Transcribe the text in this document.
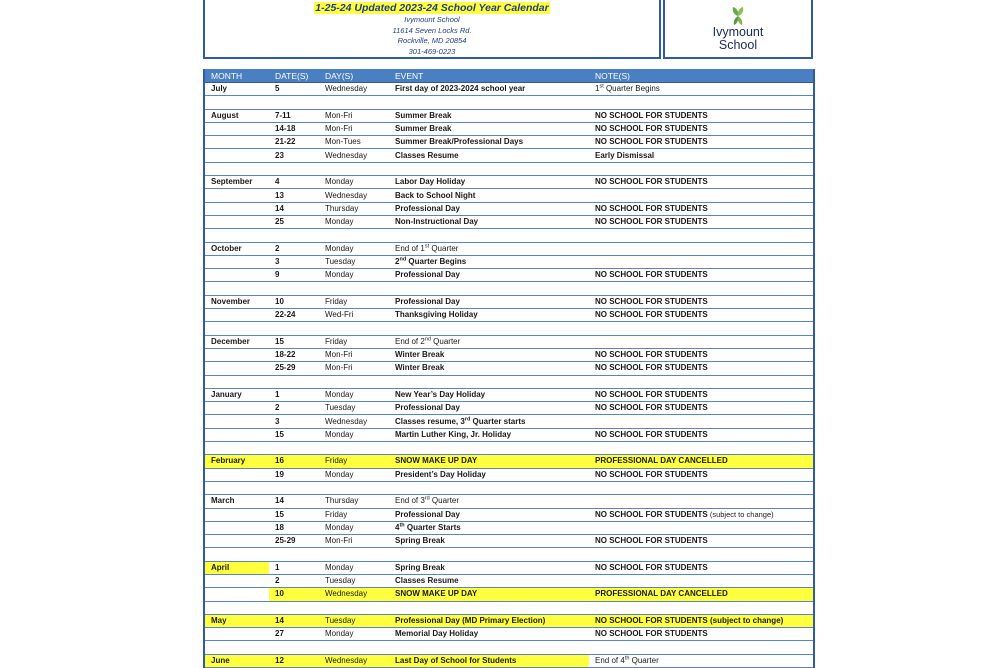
1-25-24 Updated 2023-24 School Year Calendar
Ivymount School
11614 Seven Locks Rd.
Rockville, MD 20854
301-469-0223
Ivymount
School
MONTH	DATE(S)	DAY(S)	EVENT	NOTE(S)
July	5	Wednesday	First day of 2023-2024 school year	1st Quarter Begins

August	7-11	Mon-Fri	Summer Break	NO SCHOOL FOR STUDENTS
	14-18	Mon-Fri	Summer Break	NO SCHOOL FOR STUDENTS
	21-22	Mon-Tues	Summer Break/Professional Days	NO SCHOOL FOR STUDENTS
	23	Wednesday	Classes Resume	Early Dismissal

September	4	Monday	Labor Day Holiday	NO SCHOOL FOR STUDENTS
	13	Wednesday	Back to School Night	
	14	Thursday	Professional Day	NO SCHOOL FOR STUDENTS
	25	Monday	Non-Instructional Day	NO SCHOOL FOR STUDENTS

October	2	Monday	End of 1st Quarter	
	3	Tuesday	2nd Quarter Begins	
	9	Monday	Professional Day	NO SCHOOL FOR STUDENTS

November	10	Friday	Professional Day	NO SCHOOL FOR STUDENTS
	22-24	Wed-Fri	Thanksgiving Holiday	NO SCHOOL FOR STUDENTS

December	15	Friday	End of 2nd Quarter	
	18-22	Mon-Fri	Winter Break	NO SCHOOL FOR STUDENTS
	25-29	Mon-Fri	Winter Break	NO SCHOOL FOR STUDENTS

January	1	Monday	New Year’s Day Holiday	NO SCHOOL FOR STUDENTS
	2	Tuesday	Professional Day	NO SCHOOL FOR STUDENTS
	3	Wednesday	Classes resume, 3rd Quarter starts	
	15	Monday	Martin Luther King, Jr. Holiday	NO SCHOOL FOR STUDENTS

February	16	Friday	SNOW MAKE UP DAY	PROFESSIONAL DAY CANCELLED
	19	Monday	President’s Day Holiday	NO SCHOOL FOR STUDENTS

March	14	Thursday	End of 3rd Quarter	
	15	Friday	Professional Day	NO SCHOOL FOR STUDENTS (subject to change)
	18	Monday	4th Quarter Starts	
	25-29	Mon-Fri	Spring Break	NO SCHOOL FOR STUDENTS

April	1	Monday	Spring Break	NO SCHOOL FOR STUDENTS
	2	Tuesday	Classes Resume	
	10	Wednesday	SNOW MAKE UP DAY	PROFESSIONAL DAY CANCELLED

May	14	Tuesday	Professional Day (MD Primary Election)	NO SCHOOL FOR STUDENTS (subject to change)
	27	Monday	Memorial Day Holiday	NO SCHOOL FOR STUDENTS

June	12	Wednesday	Last Day of School for Students	End of 4th Quarter
